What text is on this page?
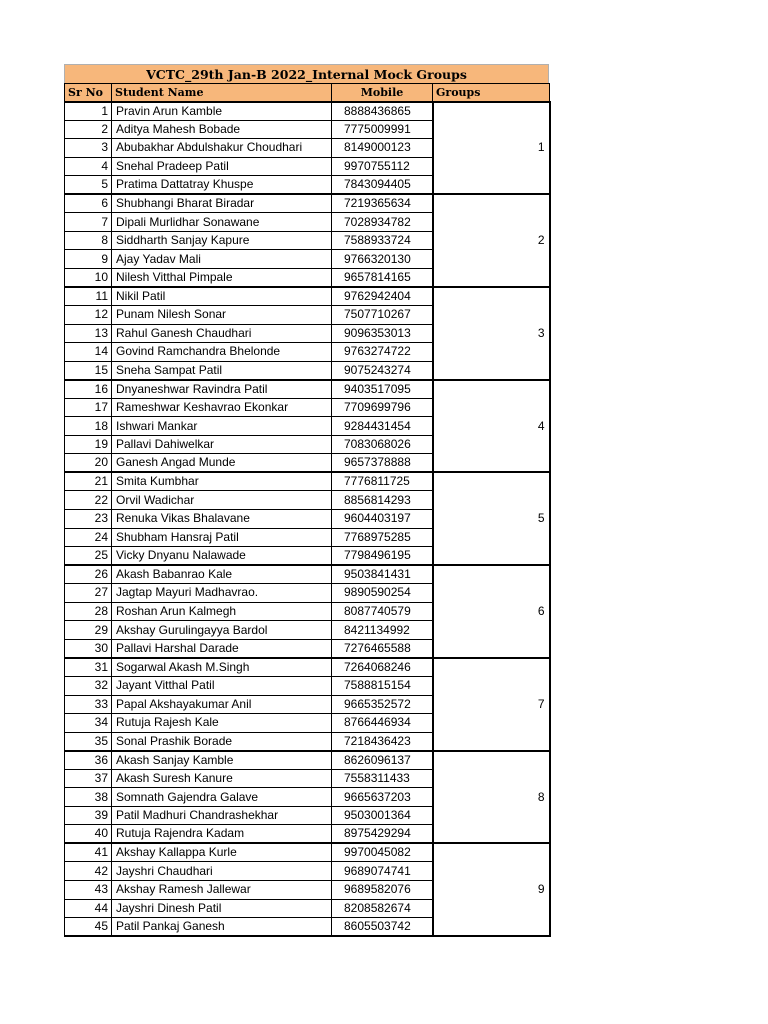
VCTC_29th Jan-B 2022_Internal Mock Groups
Sr No	Student Name	Mobile	Groups
1	Pravin Arun Kamble	8888436865	1
2	Aditya Mahesh Bobade	7775009991	
3	Abubakhar Abdulshakur Choudhari	8149000123	
4	Snehal Pradeep Patil	9970755112	
5	Pratima Dattatray Khuspe	7843094405	
6	Shubhangi Bharat Biradar	7219365634	2
7	Dipali Murlidhar Sonawane	7028934782	
8	Siddharth Sanjay Kapure	7588933724	
9	Ajay Yadav Mali	9766320130	
10	Nilesh Vitthal Pimpale	9657814165	
11	Nikil Patil	9762942404	3
12	Punam Nilesh Sonar	7507710267	
13	Rahul Ganesh Chaudhari	9096353013	
14	Govind Ramchandra Bhelonde	9763274722	
15	Sneha Sampat Patil	9075243274	
16	Dnyaneshwar Ravindra Patil	9403517095	4
17	Rameshwar Keshavrao Ekonkar	7709699796	
18	Ishwari Mankar	9284431454	
19	Pallavi Dahiwelkar	7083068026	
20	Ganesh Angad Munde	9657378888	
21	Smita Kumbhar	7776811725	5
22	Orvil Wadichar	8856814293	
23	Renuka Vikas Bhalavane	9604403197	
24	Shubham Hansraj Patil	7768975285	
25	Vicky Dnyanu Nalawade	7798496195	
26	Akash Babanrao Kale	9503841431	6
27	Jagtap Mayuri Madhavrao.	9890590254	
28	Roshan Arun Kalmegh	8087740579	
29	Akshay Gurulingayya Bardol	8421134992	
30	Pallavi Harshal Darade	7276465588	
31	Sogarwal Akash M.Singh	7264068246	7
32	Jayant Vitthal Patil	7588815154	
33	Papal Akshayakumar Anil	9665352572	
34	Rutuja Rajesh Kale	8766446934	
35	Sonal Prashik Borade	7218436423	
36	Akash Sanjay Kamble	8626096137	8
37	Akash Suresh Kanure	7558311433	
38	Somnath Gajendra Galave	9665637203	
39	Patil Madhuri Chandrashekhar	9503001364	
40	Rutuja Rajendra Kadam	8975429294	
41	Akshay Kallappa Kurle	9970045082	9
42	Jayshri Chaudhari	9689074741	
43	Akshay Ramesh Jallewar	9689582076	
44	Jayshri Dinesh Patil	8208582674	
45	Patil Pankaj Ganesh	8605503742	
